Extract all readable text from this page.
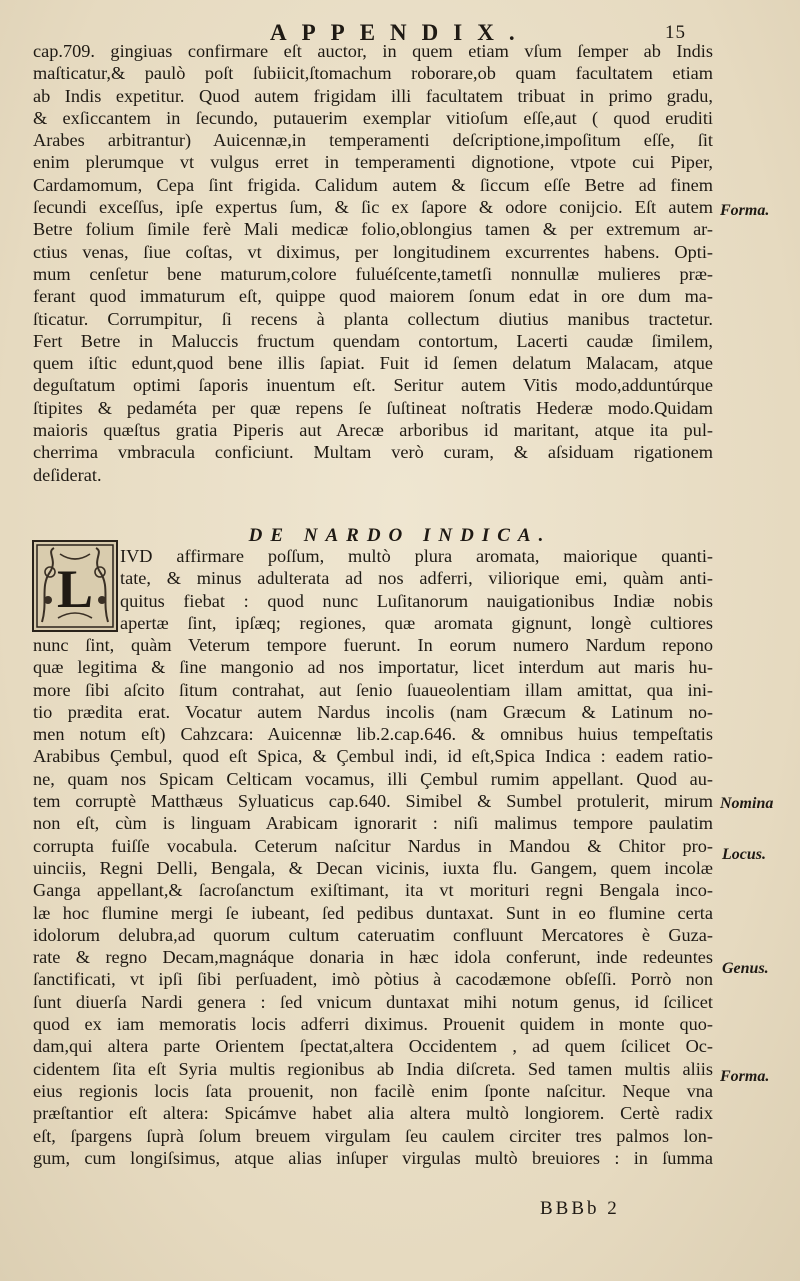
APPENDIX.	15
cap.709. gingiuas confirmare eſt auctor, in quem etiam vſum ſemper ab Indis
maſticatur,& paulò poſt ſubiicit,ſtomachum roborare,ob quam facultatem etiam
ab Indis expetitur. Quod autem frigidam illi facultatem tribuat in primo gradu,
& exſiccantem in ſecundo, putauerim exemplar vitioſum eſſe,aut ( quod eruditi
Arabes arbitrantur) Auicennæ,in temperamenti deſcriptione,impoſitum eſſe, ſit
enim plerumque vt vulgus erret in temperamenti dignotione, vtpote cui Piper,
Cardamomum, Cepa ſint frigida. Calidum autem & ſiccum eſſe Betre ad finem
ſecundi exceſſus, ipſe expertus ſum, & ſic ex ſapore & odore conijcio. Eſt autem
Betre folium ſimile ferè Mali medicæ folio,oblongius tamen & per extremum ar-
ctius venas, ſiue coſtas, vt diximus, per longitudinem excurrentes habens. Opti-
mum cenſetur bene maturum,colore fuluéſcente,tametſi nonnullæ mulieres præ-
ferant quod immaturum eſt, quippe quod maiorem ſonum edat in ore dum ma-
ſticatur. Corrumpitur, ſi recens à planta collectum diutius manibus tractetur.
Fert Betre in Maluccis fructum quendam contortum, Lacerti caudæ ſimilem,
quem iſtic edunt,quod bene illis ſapiat. Fuit id ſemen delatum Malacam, atque
deguſtatum optimi ſaporis inuentum eſt. Seritur autem Vitis modo,adduntúrque
ſtipites & pedaméta per quæ repens ſe ſuſtineat noſtratis Hederæ modo.Quidam
maioris quæſtus gratia Piperis aut Arecæ arboribus id maritant, atque ita pul-
cherrima vmbracula conficiunt. Multam verò curam, & aſsiduam rigationem
deſiderat.
DE NARDO INDICA.
L
IVD affirmare poſſum, multò plura aromata, maiorique quanti-
tate, & minus adulterata ad nos adferri, viliorique emi, quàm anti-
quitus fiebat : quod nunc Luſitanorum nauigationibus Indiæ nobis
apertæ ſint, ipſæq; regiones, quæ aromata gignunt, longè cultiores
nunc ſint, quàm Veterum tempore fuerunt. In eorum numero Nardum repono
quæ legitima & ſine mangonio ad nos importatur, licet interdum aut maris hu-
more ſibi aſcito ſitum contrahat, aut ſenio ſuaueolentiam illam amittat, qua ini-
tio prædita erat. Vocatur autem Nardus incolis (nam Græcum & Latinum no-
men notum eſt) Cahzcara: Auicennæ lib.2.cap.646. & omnibus huius tempeſtatis
Arabibus Çembul, quod eſt Spica, & Çembul indi, id eſt,Spica Indica : eadem ratio-
ne, quam nos Spicam Celticam vocamus, illi Çembul rumim appellant. Quod au-
tem corruptè Matthæus Syluaticus cap.640. Simibel & Sumbel protulerit, mirum
non eſt, cùm is linguam Arabicam ignorarit : niſi malimus tempore paulatim
corrupta fuiſſe vocabula. Ceterum naſcitur Nardus in Mandou & Chitor pro-
uinciis, Regni Delli, Bengala, & Decan vicinis, iuxta flu. Gangem, quem incolæ
Ganga appellant,& ſacroſanctum exiſtimant, ita vt morituri regni Bengala inco-
læ hoc flumine mergi ſe iubeant, ſed pedibus duntaxat. Sunt in eo flumine certa
idolorum delubra,ad quorum cultum cateruatim confluunt Mercatores è Guza-
rate & regno Decam,magnáque donaria in hæc idola conferunt, inde redeuntes
ſanctificati, vt ipſi ſibi perſuadent, imò pòtius à cacodæmone obſeſſi. Porrò non
ſunt diuerſa Nardi genera : ſed vnicum duntaxat mihi notum genus, id ſcilicet
quod ex iam memoratis locis adferri diximus. Prouenit quidem in monte quo-
dam,qui altera parte Orientem ſpectat,altera Occidentem , ad quem ſcilicet Oc-
cidentem ſita eſt Syria multis regionibus ab India diſcreta. Sed tamen multis aliis
eius regionis locis ſata prouenit, non facilè enim ſponte naſcitur. Neque vna
præſtantior eſt altera: Spicámve habet alia altera multò longiorem. Certè radix
eſt, ſpargens ſuprà ſolum breuem virgulam ſeu caulem circiter tres palmos lon-
gum, cum longiſsimus, atque alias inſuper virgulas multò breuiores : in ſumma
Forma.
Nomina
Locus.
Genus.
Forma.
BBBb 2
